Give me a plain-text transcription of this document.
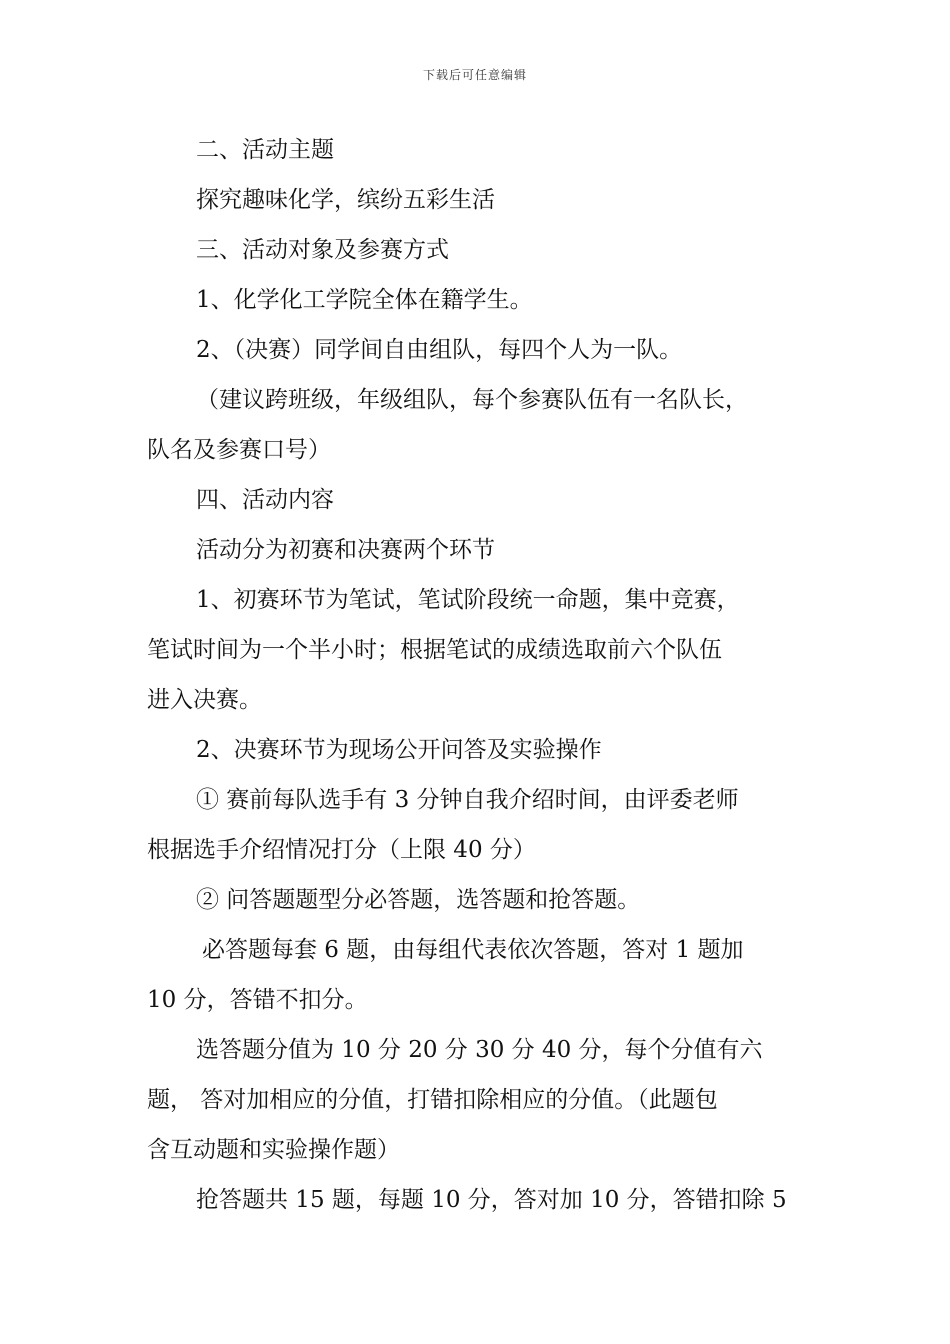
下载后可任意编辑
二、活动主题
探究趣味化学，缤纷五彩生活
三、活动对象及参赛方式
1、化学化工学院全体在籍学生。
2、（决赛）同学间自由组队，每四个人为一队。
（建议跨班级，年级组队，每个参赛队伍有一名队长，
队名及参赛口号）
四、活动内容
活动分为初赛和决赛两个环节
1、初赛环节为笔试，笔试阶段统一命题，集中竞赛，
笔试时间为一个半小时；根据笔试的成绩选取前六个队伍
进入决赛。
2、决赛环节为现场公开问答及实验操作
① 赛前每队选手有 3 分钟自我介绍时间，由评委老师
根据选手介绍情况打分（上限 40 分）
② 问答题题型分必答题，选答题和抢答题。
必答题每套 6 题，由每组代表依次答题，答对 1 题加
10 分，答错不扣分。
选答题分值为 10 分 20 分 30 分 40 分，每个分值有六
题， 答对加相应的分值，打错扣除相应的分值。（此题包
含互动题和实验操作题）
抢答题共 15 题，每题 10 分，答对加 10 分，答错扣除 5
